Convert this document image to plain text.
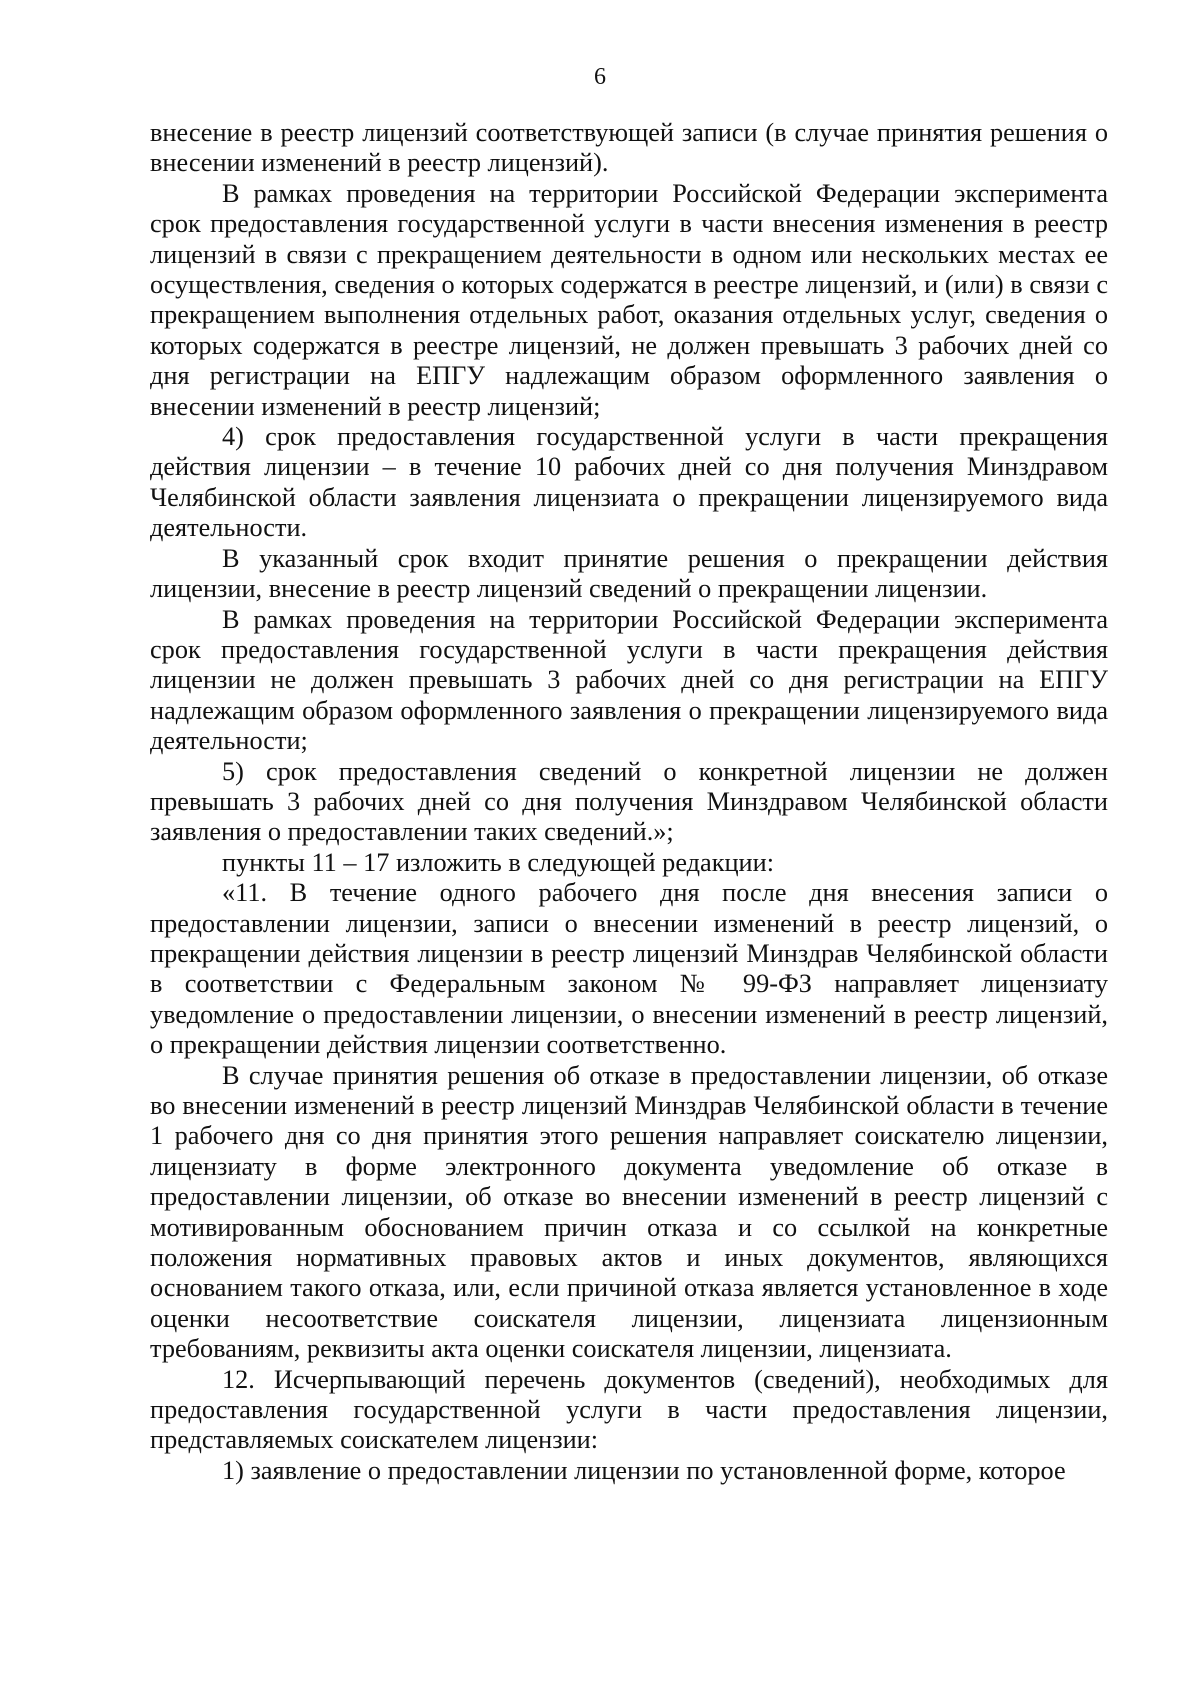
6

внесение в реестр лицензий соответствующей записи (в случае принятия решения о внесении изменений в реестр лицензий).

В рамках проведения на территории Российской Федерации эксперимента срок предоставления государственной услуги в части внесения изменения в реестр лицензий в связи с прекращением деятельности в одном или нескольких местах ее осуществления, сведения о которых содержатся в реестре лицензий, и (или) в связи с прекращением выполнения отдельных работ, оказания отдельных услуг, сведения о которых содержатся в реестре лицензий, не должен превышать 3 рабочих дней со дня регистрации на ЕПГУ надлежащим образом оформленного заявления о внесении изменений в реестр лицензий;

4) срок предоставления государственной услуги в части прекращения действия лицензии – в течение 10 рабочих дней со дня получения Минздравом Челябинской области заявления лицензиата о прекращении лицензируемого вида деятельности.

В указанный срок входит принятие решения о прекращении действия лицензии, внесение в реестр лицензий сведений о прекращении лицензии.

В рамках проведения на территории Российской Федерации эксперимента срок предоставления государственной услуги в части прекращения действия лицензии не должен превышать 3 рабочих дней со дня регистрации на ЕПГУ надлежащим образом оформленного заявления о прекращении лицензируемого вида деятельности;

5) срок предоставления сведений о конкретной лицензии не должен превышать 3 рабочих дней со дня получения Минздравом Челябинской области заявления о предоставлении таких сведений.»;

пункты 11 – 17 изложить в следующей редакции:

«11. В течение одного рабочего дня после дня внесения записи о предоставлении лицензии, записи о внесении изменений в реестр лицензий, о прекращении действия лицензии в реестр лицензий Минздрав Челябинской области в соответствии с Федеральным законом № 99-ФЗ направляет лицензиату уведомление о предоставлении лицензии, о внесении изменений в реестр лицензий, о прекращении действия лицензии соответственно.

В случае принятия решения об отказе в предоставлении лицензии, об отказе во внесении изменений в реестр лицензий Минздрав Челябинской области в течение 1 рабочего дня со дня принятия этого решения направляет соискателю лицензии, лицензиату в форме электронного документа уведомление об отказе в предоставлении лицензии, об отказе во внесении изменений в реестр лицензий с мотивированным обоснованием причин отказа и со ссылкой на конкретные положения нормативных правовых актов и иных документов, являющихся основанием такого отказа, или, если причиной отказа является установленное в ходе оценки несоответствие соискателя лицензии, лицензиата лицензионным требованиям, реквизиты акта оценки соискателя лицензии, лицензиата.

12. Исчерпывающий перечень документов (сведений), необходимых для предоставления государственной услуги в части предоставления лицензии, представляемых соискателем лицензии:

1) заявление о предоставлении лицензии по установленной форме, которое
